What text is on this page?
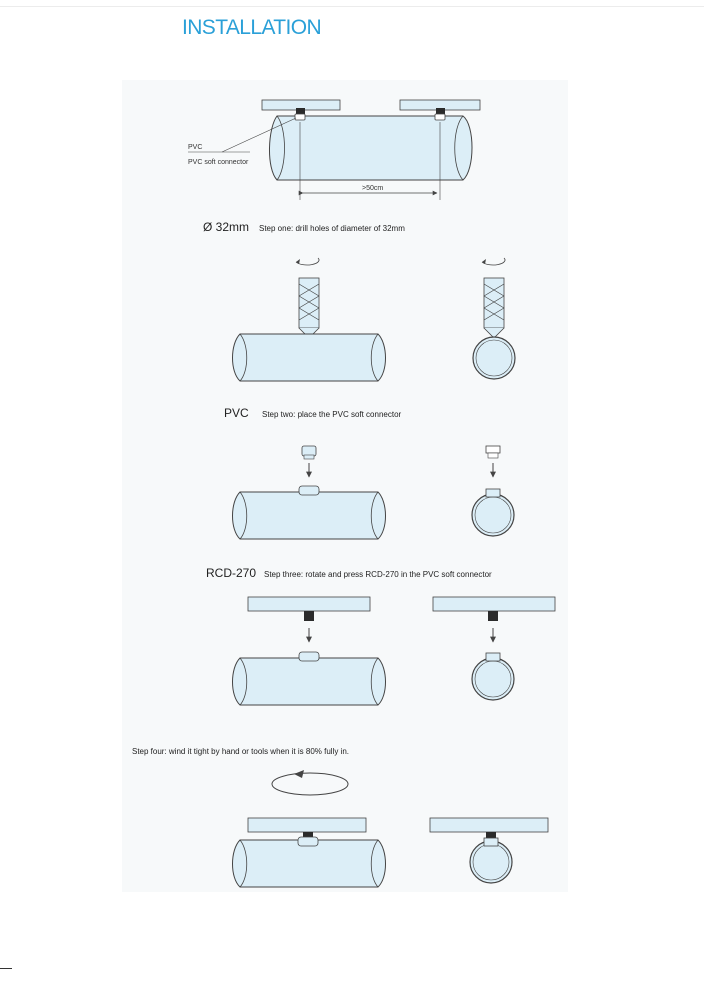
INSTALLATION
>50cm
PVC
PVC soft connector
Ø 32mm Step one: drill holes of diameter of 32mm
PVC Step two: place the PVC soft connector
RCD-270 Step three: rotate and press RCD-270 in the PVC soft connector
Step four: wind it tight by hand or tools when it is 80% fully in.
